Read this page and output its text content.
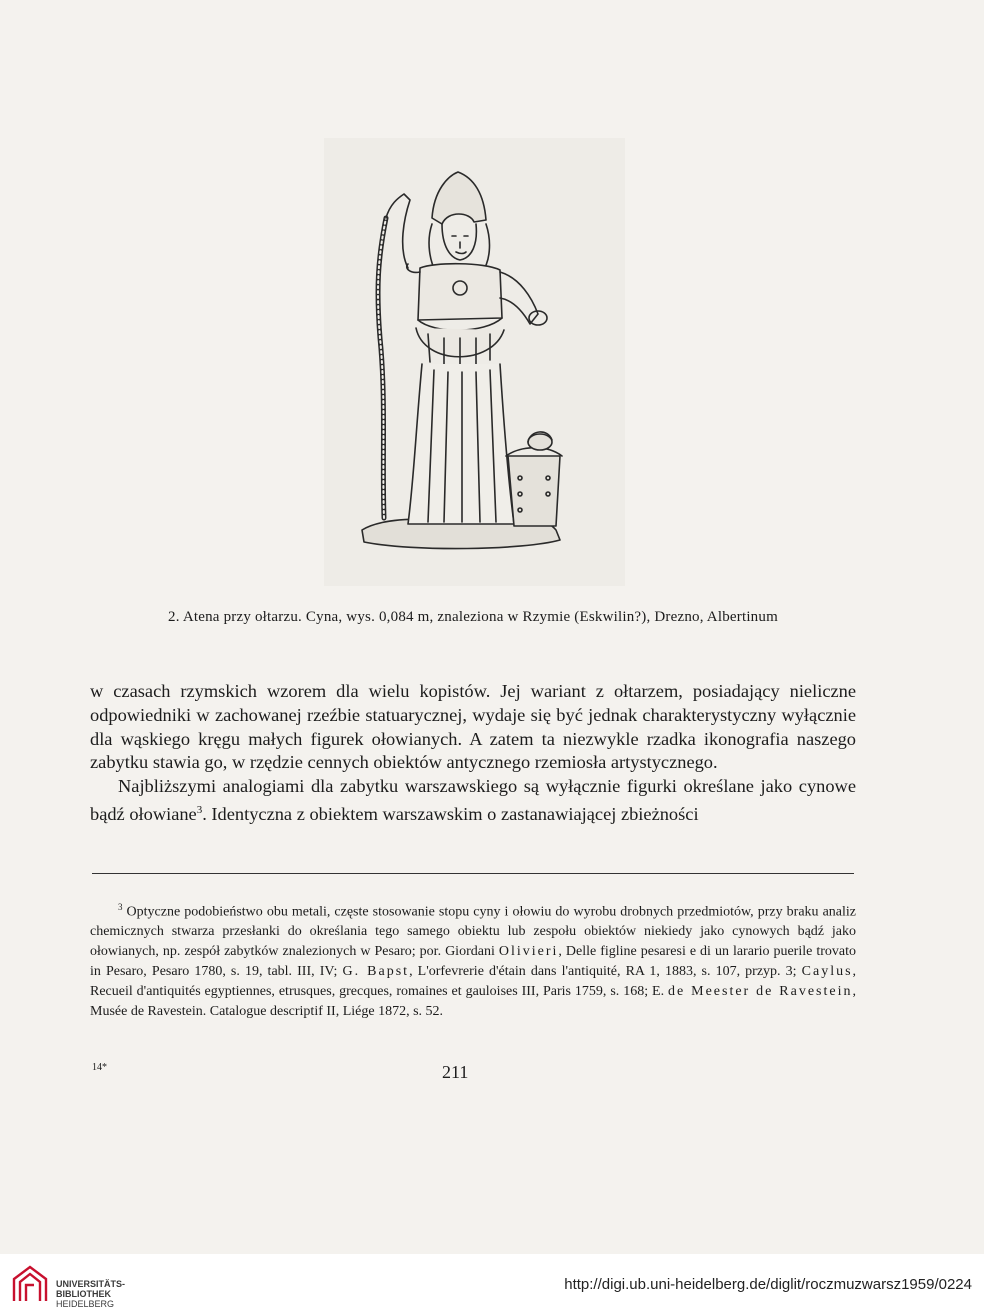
2. Atena przy ołtarzu. Cyna, wys. 0,084 m, znaleziona w Rzymie (Eskwilin?), Drezno, Albertinum

w czasach rzymskich wzorem dla wielu kopistów. Jej wariant z ołtarzem, posiadający nieliczne odpowiedniki w zachowanej rzeźbie statuarycznej, wydaje się być jednak charakterystyczny wyłącznie dla wąskiego kręgu małych figurek ołowianych. A zatem ta niezwykle rzadka ikonografia naszego zabytku stawia go, w rzędzie cennych obiektów antycznego rzemiosła artystycznego.

Najbliższymi analogiami dla zabytku warszawskiego są wyłącznie figurki określane jako cynowe bądź ołowiane$^3$. Identyczna z obiektem warszawskim o zastanawiającej zbieżności

$^3$ Optyczne podobieństwo obu metali, częste stosowanie stopu cyny i ołowiu do wyrobu drobnych przedmiotów, przy braku analiz chemicznych stwarza przesłanki do określania tego samego obiektu lub zespołu obiektów niekiedy jako cynowych bądź jako ołowianych, np. zespół zabytków znalezionych w Pesaro; por. Giordani Olivieri, Delle figline pesaresi e di un larario puerile trovato in Pesaro, Pesaro 1780, s. 19, tabl. III, IV; G. Bapst, L'orfevrerie d'étain dans l'antiquité, RA 1, 1883, s. 107, przyp. 3; Caylus, Recueil d'antiquités egyptiennes, etrusques, grecques, romaines et gauloises III, Paris 1759, s. 168; E. de Meester de Ravestein, Musée de Ravestein. Catalogue descriptif II, Liége 1872, s. 52.
14*	211
UNIVERSITÄTS-
BIBLIOTHEK
HEIDELBERG
http://digi.ub.uni-heidelberg.de/diglit/roczmuzwarsz1959/0224
